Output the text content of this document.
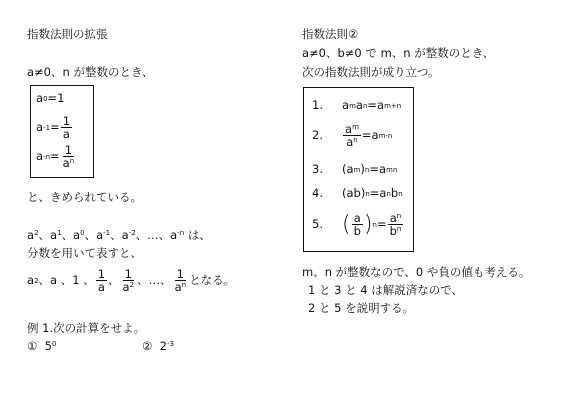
指数法則の拡張
a≠0、n が整数のとき、
a 0 =1
a $-1 = \frac{1}{a}$
a $-n = \frac{1}{a^n}$
と、きめられている。
$a^2$、$a^1$、$a^0$、$a^{-1}$、$a^{-2}$、…、$a^{-n}$ は、
分数を用いて表すと、
a 2 、a 、1 、 $\frac{1}{a}$ 、 $\frac{1}{a^2}$ 、…、 $\frac{1}{a^n}$ となる。
例 1.次の計算をせよ。
① $5^0$	② $2^{-3}$
指数法則②
a≠0、b≠0 で m、n が整数のとき、
次の指数法則が成り立つ。
1.	a m a n =a m+n
2.	$\frac{a^m}{a^n} =a$ m-n
3.	(a m ) n =a mn
4.	(ab) n =a n b n
5. ( $\frac{a}{b}$ ) $n = \frac{a^n}{b^n}$
m、n が整数なので、0 や負の値も考える。
1 と 3 と 4 は解説済なので、
2 と 5 を説明する。
